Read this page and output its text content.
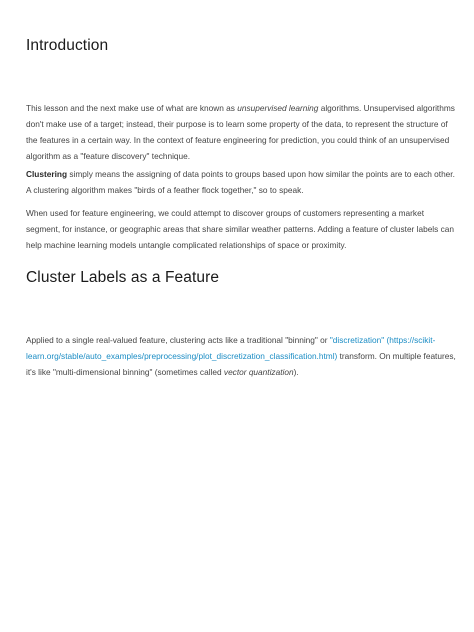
Introduction

This lesson and the next make use of what are known as unsupervised learning algorithms. Unsupervised algorithms don't make use of a target; instead, their purpose is to learn some property of the data, to represent the structure of the features in a certain way. In the context of feature engineering for prediction, you could think of an unsupervised algorithm as a "feature discovery" technique.

Clustering simply means the assigning of data points to groups based upon how similar the points are to each other. A clustering algorithm makes "birds of a feather flock together," so to speak.

When used for feature engineering, we could attempt to discover groups of customers representing a market segment, for instance, or geographic areas that share similar weather patterns. Adding a feature of cluster labels can help machine learning models untangle complicated relationships of space or proximity.

Cluster Labels as a Feature

Applied to a single real-valued feature, clustering acts like a traditional "binning" or "discretization" (https://scikit-learn.org/stable/auto_examples/preprocessing/plot_discretization_classification.html) transform. On multiple features, it's like "multi-dimensional binning" (sometimes called vector quantization).
